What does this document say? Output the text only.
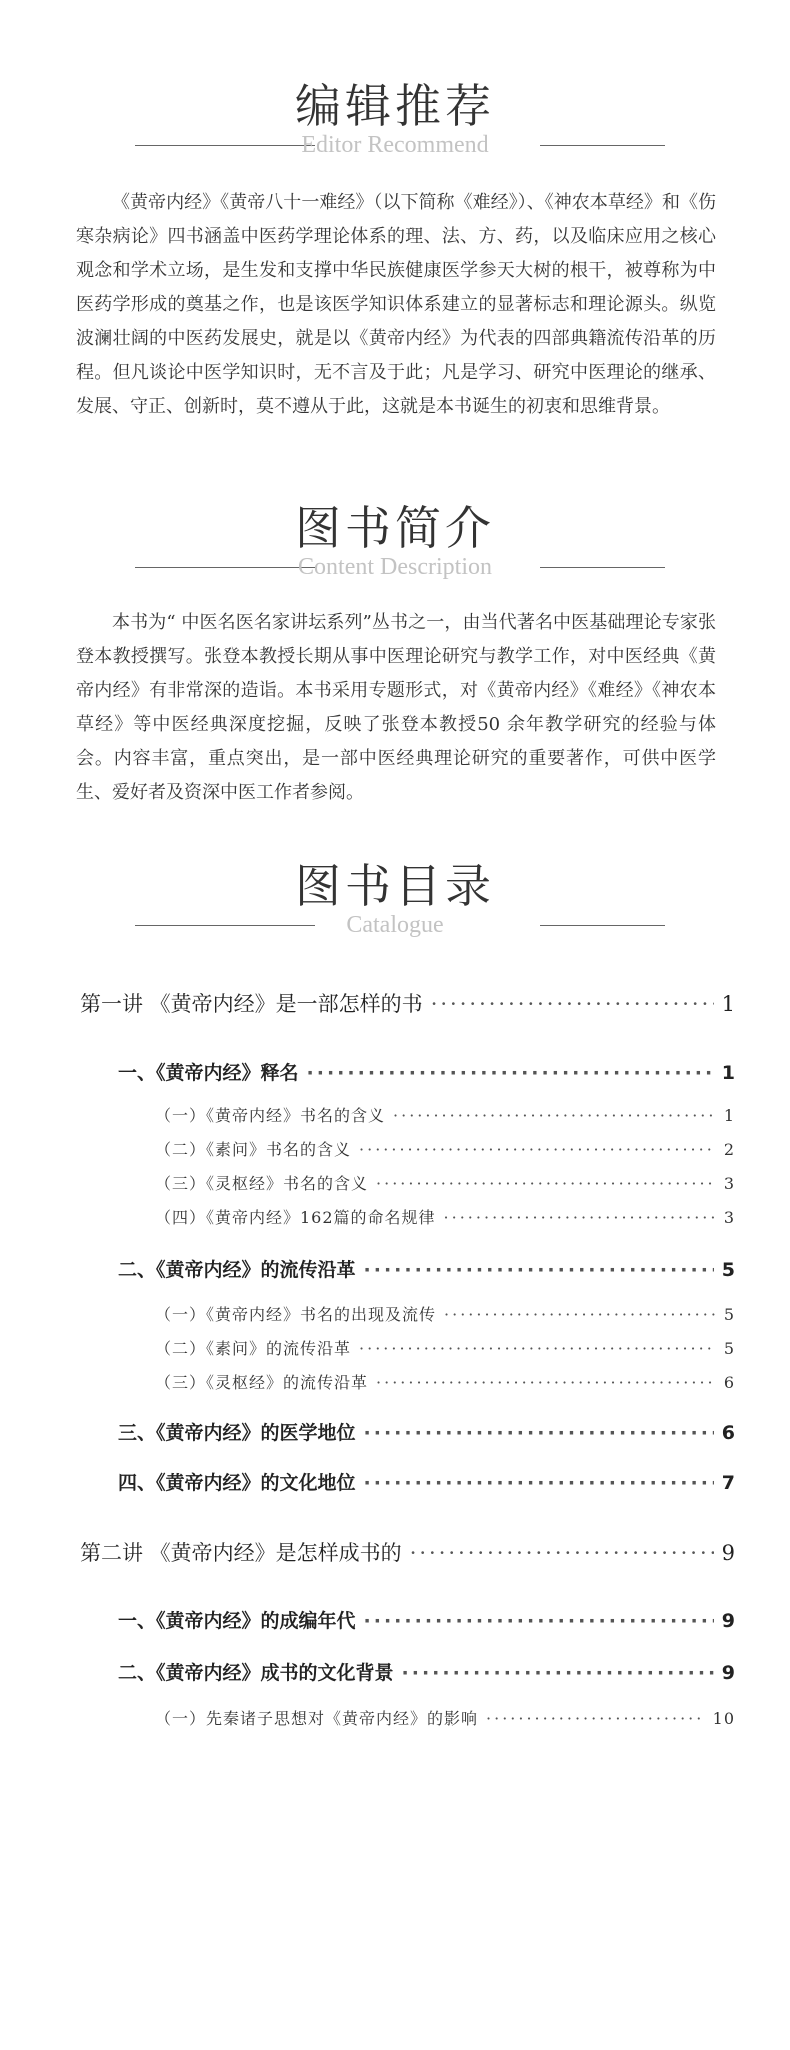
编辑推荐
Editor Recommend
《黄帝内经》《黄帝八十一难经》（以下简称《难经》）、《神农本草经》和《伤寒杂病论》四书涵盖中医药学理论体系的理、法、方、药，以及临床应用之核心观念和学术立场，是生发和支撑中华民族健康医学参天大树的根干，被尊称为中医药学形成的奠基之作，也是该医学知识体系建立的显著标志和理论源头。纵览波澜壮阔的中医药发展史，就是以《黄帝内经》为代表的四部典籍流传沿革的历程。但凡谈论中医学知识时，无不言及于此；凡是学习、研究中医理论的继承、发展、守正、创新时，莫不遵从于此，这就是本书诞生的初衷和思维背景。
图书简介
Content Description
本书为“ 中医名医名家讲坛系列”丛书之一，由当代著名中医基础理论专家张登本教授撰写。张登本教授长期从事中医理论研究与教学工作，对中医经典《黄帝内经》有非常深的造诣。本书采用专题形式，对《黄帝内经》《难经》《神农本草经》等中医经典深度挖掘，反映了张登本教授50 余年教学研究的经验与体会。内容丰富，重点突出，是一部中医经典理论研究的重要著作，可供中医学生、爱好者及资深中医工作者参阅。
图书目录
Catalogue
第一讲 《黄帝内经》是一部怎样的书 ·····	1
一、《黄帝内经》释名 ·····	1
（一）《黄帝内经》书名的含义 ·····	1
（二）《素问》书名的含义 ·····	2
（三）《灵枢经》书名的含义 ·····	3
（四）《黄帝内经》162篇的命名规律 ·····	3
二、《黄帝内经》的流传沿革 ·····	5
（一）《黄帝内经》书名的出现及流传 ·····	5
（二）《素问》的流传沿革 ·····	5
（三）《灵枢经》的流传沿革 ·····	6
三、《黄帝内经》的医学地位 ·····	6
四、《黄帝内经》的文化地位 ·····	7
第二讲 《黄帝内经》是怎样成书的 ·····	9
一、《黄帝内经》的成编年代 ·····	9
二、《黄帝内经》成书的文化背景 ·····	9
（一）先秦诸子思想对《黄帝内经》的影响 ·····	10
